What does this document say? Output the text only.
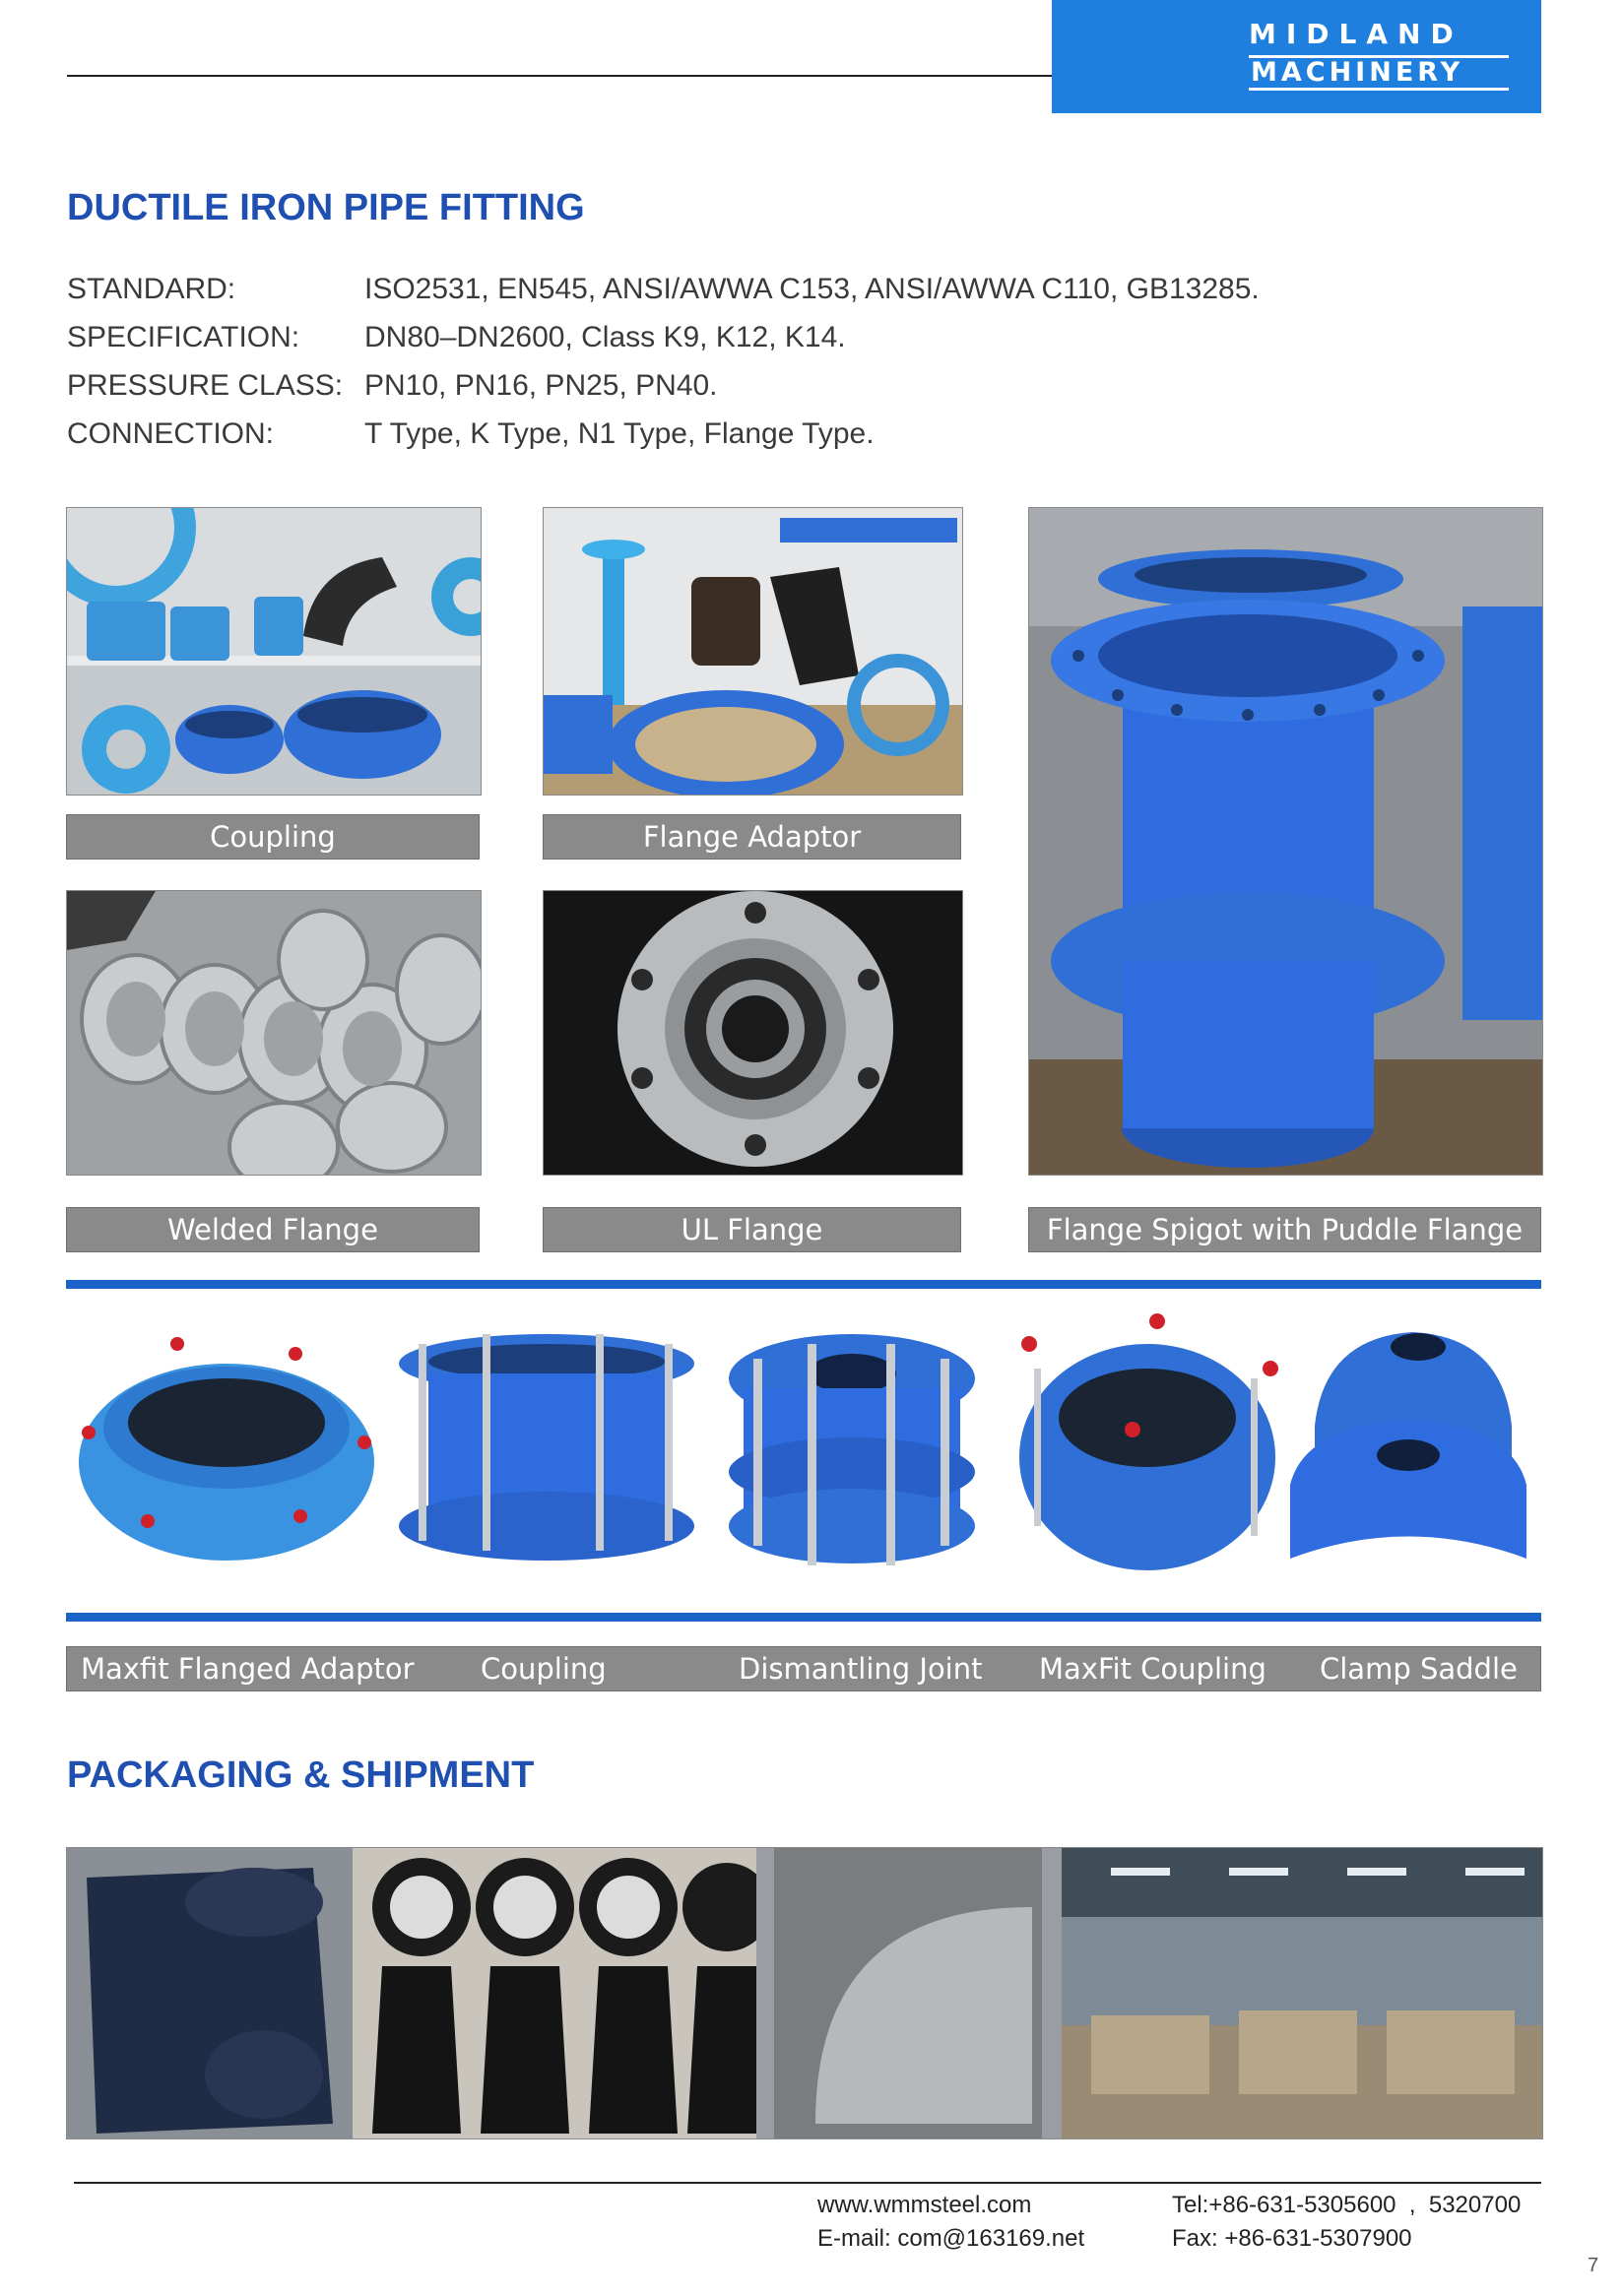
MIDLAND
MACHINERY
DUCTILE IRON PIPE FITTING
STANDARD:	ISO2531, EN545, ANSI/AWWA C153, ANSI/AWWA C110, GB13285.
SPECIFICATION: DN80–DN2600, Class K9, K12, K14.
PRESSURE CLASS: PN10, PN16, PN25, PN40.
CONNECTION:	T Type, K Type, N1 Type, Flange Type.
Coupling	Flange Adaptor
Welded Flange	UL Flange	Flange Spigot with Puddle Flange
Maxfit Flanged Adaptor Coupling	Dismantling Joint MaxFit Coupling Clamp Saddle
PACKAGING & SHIPMENT
www.wmmsteel.com
E-mail: com@163169.net
Tel:+86-631-5305600  ,  5320700
Fax: +86-631-5307900
7
